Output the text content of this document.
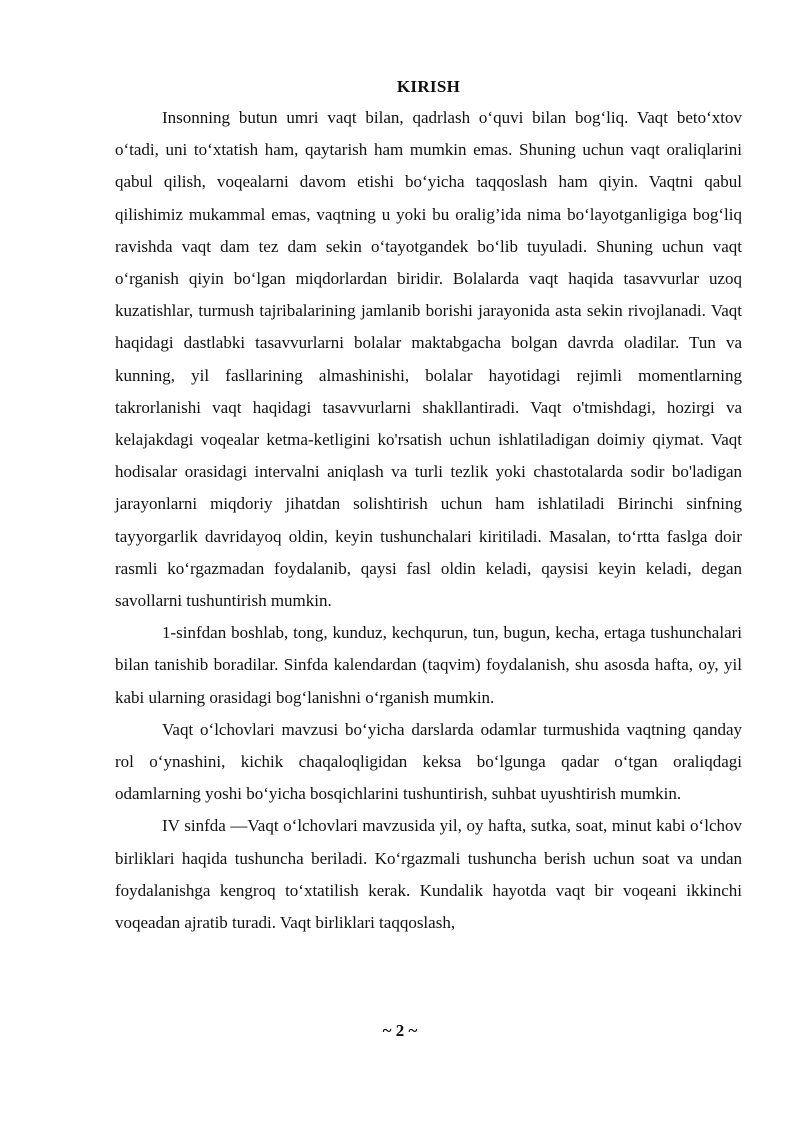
KIRISH

Insonning butun umri vaqt bilan, qadrlash o‘quvi bilan bog‘liq. Vaqt beto‘xtov o‘tadi, uni to‘xtatish ham, qaytarish ham mumkin emas. Shuning uchun vaqt oraliqlarini qabul qilish, voqealarni davom etishi bo‘yicha taqqoslash ham qiyin. Vaqtni qabul qilishimiz mukammal emas, vaqtning u yoki bu oralig’ida nima bo‘layotganligiga bog‘liq ravishda vaqt dam tez dam sekin o‘tayotgandek bo‘lib tuyuladi. Shuning uchun vaqt o‘rganish qiyin bo‘lgan miqdorlardan biridir. Bolalarda vaqt haqida tasavvurlar uzoq kuzatishlar, turmush tajribalarining jamlanib borishi jarayonida asta sekin rivojlanadi. Vaqt haqidagi dastlabki tasavvurlarni bolalar maktabgacha bolgan davrda oladilar. Tun va kunning, yil fasllarining almashinishi, bolalar hayotidagi rejimli momentlarning takrorlanishi vaqt haqidagi tasavvurlarni shakllantiradi. Vaqt o'tmishdagi, hozirgi va kelajakdagi voqealar ketma-ketligini ko'rsatish uchun ishlatiladigan doimiy qiymat. Vaqt hodisalar orasidagi intervalni aniqlash va turli tezlik yoki chastotalarda sodir bo'ladigan jarayonlarni miqdoriy jihatdan solishtirish uchun ham ishlatiladi Birinchi sinfning tayyorgarlik davridayoq oldin, keyin tushunchalari kiritiladi. Masalan, to‘rtta faslga doir rasmli ko‘rgazmadan foydalanib, qaysi fasl oldin keladi, qaysisi keyin keladi, degan savollarni tushuntirish mumkin.

1-sinfdan boshlab, tong, kunduz, kechqurun, tun, bugun, kecha, ertaga tushunchalari bilan tanishib boradilar. Sinfda kalendardan (taqvim) foydalanish, shu asosda hafta, oy, yil kabi ularning orasidagi bog‘lanishni o‘rganish mumkin.

Vaqt o‘lchovlari mavzusi bo‘yicha darslarda odamlar turmushida vaqtning qanday rol o‘ynashini, kichik chaqaloqligidan keksa bo‘lgunga qadar o‘tgan oraliqdagi odamlarning yoshi bo‘yicha bosqichlarini tushuntirish, suhbat uyushtirish mumkin.

IV sinfda —Vaqt o‘lchovlari mavzusida yil, oy hafta, sutka, soat, minut kabi o‘lchov birliklari haqida tushuncha beriladi. Ko‘rgazmali tushuncha berish uchun soat va undan foydalanishga kengroq to‘xtatilish kerak. Kundalik hayotda vaqt bir voqeani ikkinchi voqeadan ajratib turadi. Vaqt birliklari taqqoslash,

~ 2 ~
